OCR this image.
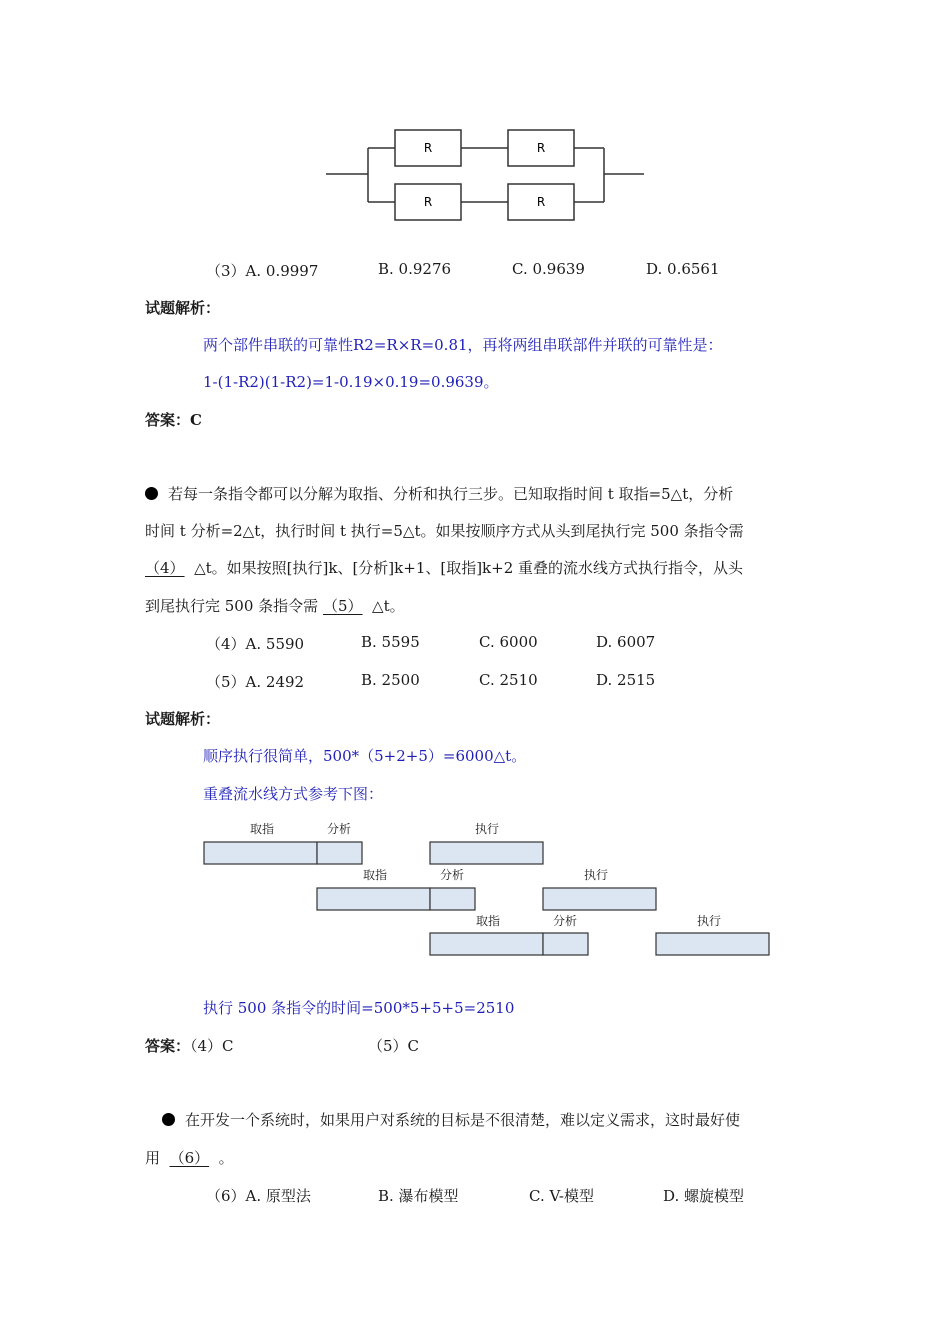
R	R
R	R
（3）A. 0.9997	B. 0.9276	C. 0.9639	D. 0.6561
试题解析：
两个部件串联的可靠性R2=R×R=0.81，再将两组串联部件并联的可靠性是：
1-(1-R2)(1-R2)=1-0.19×0.19=0.9639。
答案：C
若每一条指令都可以分解为取指、分析和执行三步。已知取指时间 t 取指=5△t，分析
时间 t 分析=2△t，执行时间 t 执行=5△t。如果按顺序方式从头到尾执行完 500 条指令需
（4） △t。如果按照[执行]k、[分析]k+1、[取指]k+2 重叠的流水线方式执行指令，从头
到尾执行完 500 条指令需 （5） △t。
（4）A. 5590	B. 5595	C. 6000	D. 6007
（5）A. 2492	B. 2500	C. 2510	D. 2515
试题解析：
顺序执行很简单，500*（5+2+5）=6000△t。
重叠流水线方式参考下图：
取指	分析	执行
取指	分析	执行
取指	分析	执行
执行 500 条指令的时间=500*5+5+5=2510
答案：（4）C	（5）C
在开发一个系统时，如果用户对系统的目标是不很清楚，难以定义需求，这时最好使
用 （6） 。
（6）A. 原型法	B. 瀑布模型	C. V-模型	D. 螺旋模型
